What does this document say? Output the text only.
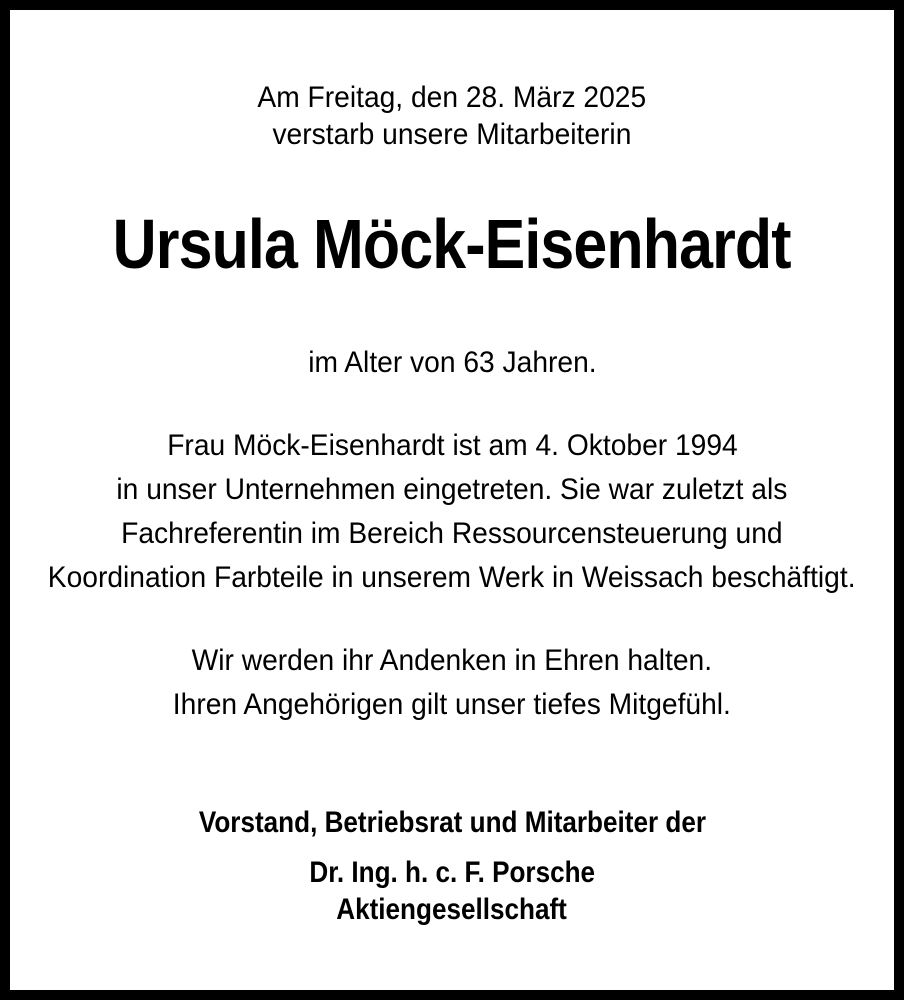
Am Freitag, den 28. März 2025
verstarb unsere Mitarbeiterin
Ursula Möck-Eisenhardt
im Alter von 63 Jahren.
Frau Möck-Eisenhardt ist am 4. Oktober 1994
in unser Unternehmen eingetreten. Sie war zuletzt als
Fachreferentin im Bereich Ressourcensteuerung und
Koordination Farbteile in unserem Werk in Weissach beschäftigt.
Wir werden ihr Andenken in Ehren halten.
Ihren Angehörigen gilt unser tiefes Mitgefühl.
Vorstand, Betriebsrat und Mitarbeiter der
Dr. Ing. h. c. F. Porsche
Aktiengesellschaft
